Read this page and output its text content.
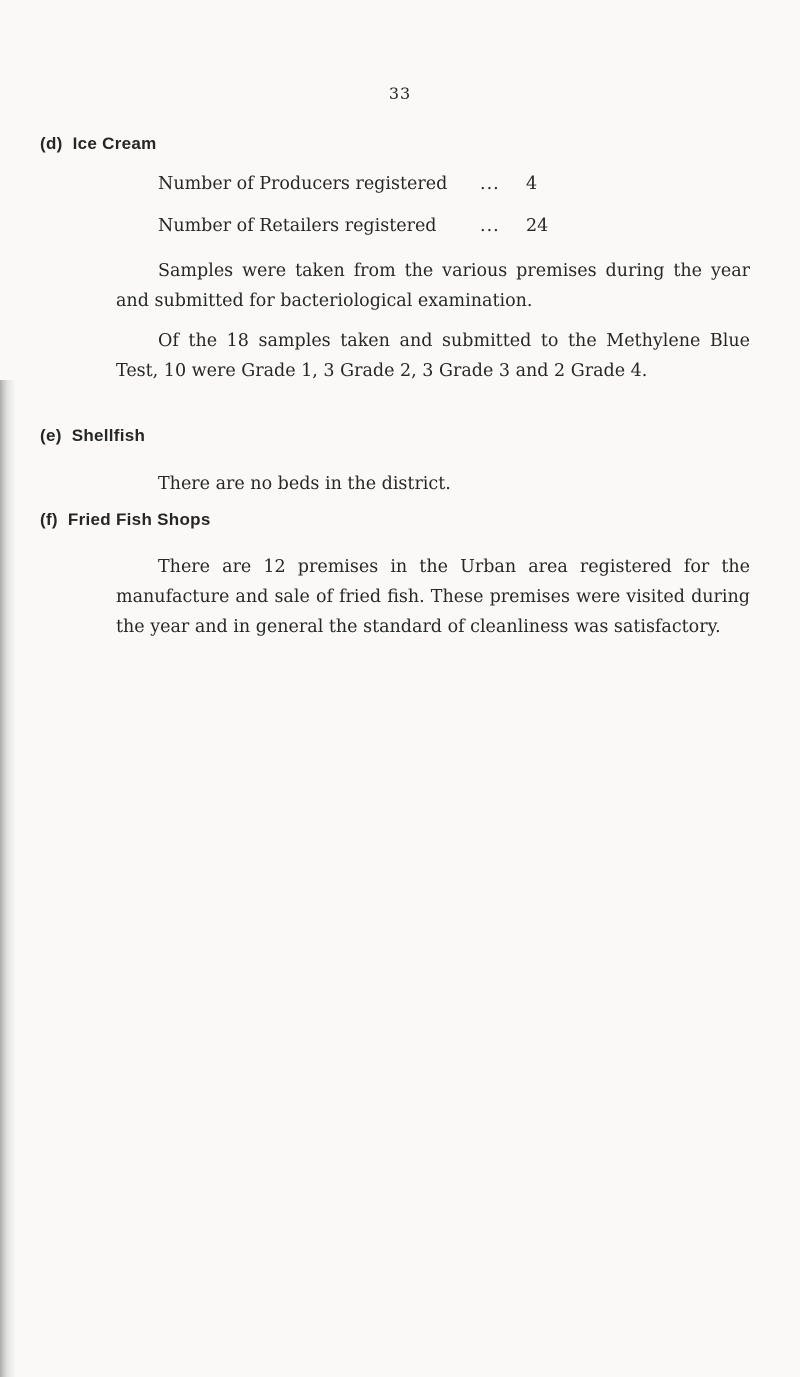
33
(d) Ice Cream
Number of Producers registered ... 4
Number of Retailers registered ... 24

Samples were taken from the various premises during the year and submitted for bacteriological examination.

Of the 18 samples taken and submitted to the Methylene Blue Test, 10 were Grade 1, 3 Grade 2, 3 Grade 3 and 2 Grade 4.

(e) Shellfish

There are no beds in the district.

(f) Fried Fish Shops

There are 12 premises in the Urban area registered for the manufacture and sale of fried fish. These premises were visited during the year and in general the standard of cleanliness was satisfactory.
